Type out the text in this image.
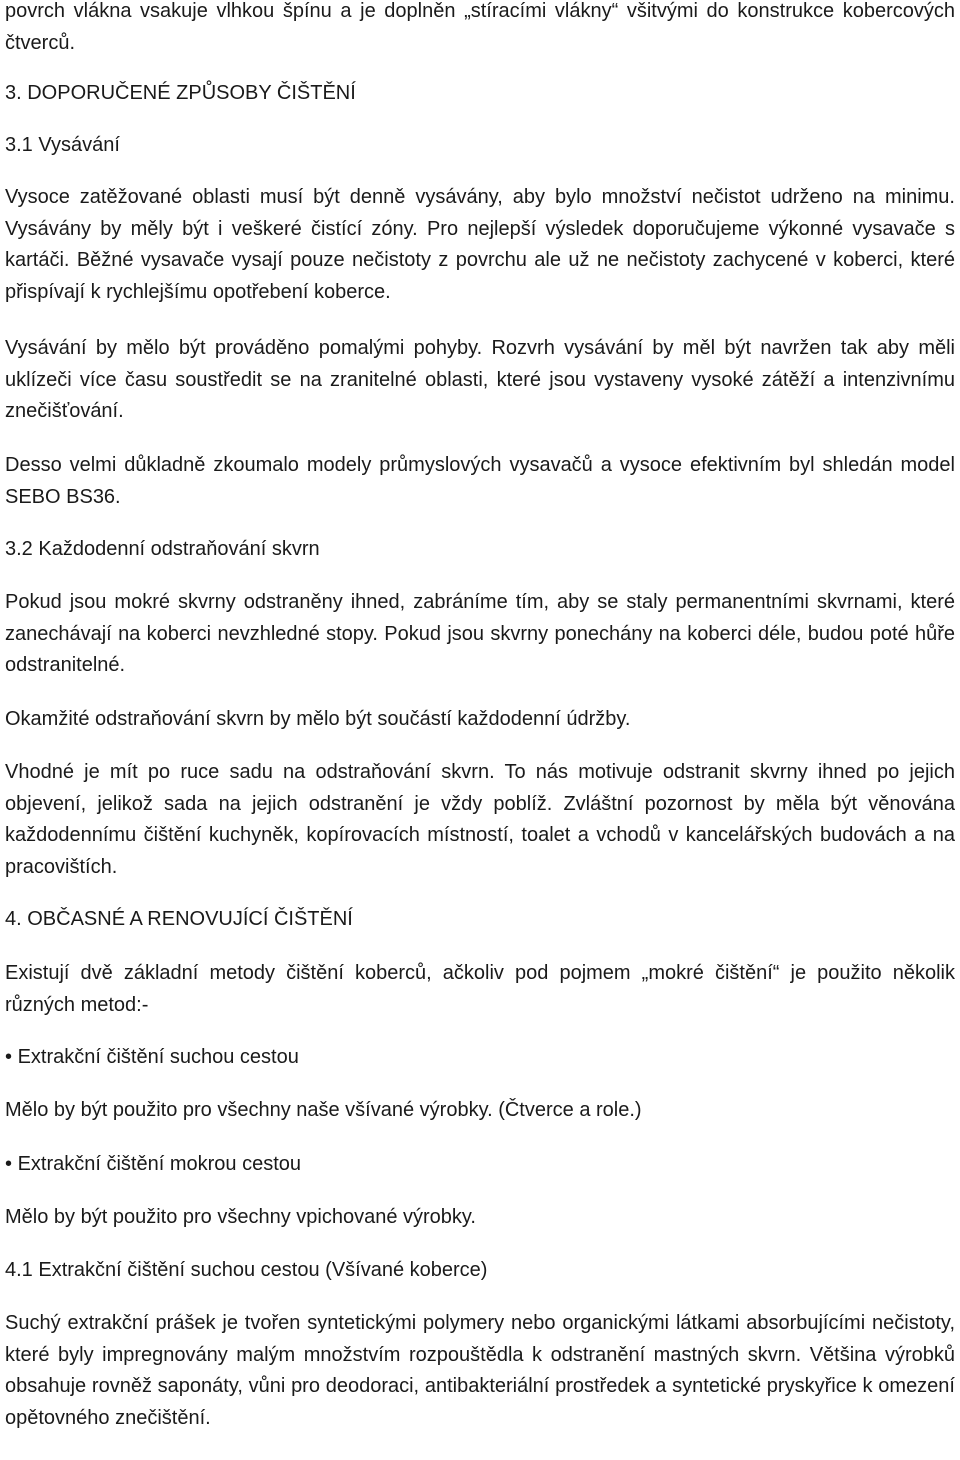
povrch vlákna vsakuje vlhkou špínu a je doplněn „stíracími vlákny“ všitvými do konstrukce kobercových čtverců.

3. DOPORUČENÉ ZPŮSOBY ČIŠTĚNÍ

3.1 Vysávání

Vysoce zatěžované oblasti musí být denně vysávány, aby bylo množství nečistot udrženo na minimu. Vysávány by měly být i veškeré čistící zóny. Pro nejlepší výsledek doporučujeme výkonné vysavače s kartáči. Běžné vysavače vysají pouze nečistoty z povrchu ale už ne nečistoty zachycené v koberci, které přispívají k rychlejšímu opotřebení koberce.

Vysávání by mělo být prováděno pomalými pohyby. Rozvrh vysávání by měl být navržen tak aby měli uklízeči více času soustředit se na zranitelné oblasti, které jsou vystaveny vysoké zátěží a intenzivnímu znečišťování.

Desso velmi důkladně zkoumalo modely průmyslových vysavačů a vysoce efektivním byl shledán model SEBO BS36.

3.2 Každodenní odstraňování skvrn

Pokud jsou mokré skvrny odstraněny ihned, zabráníme tím, aby se staly permanentními skvrnami, které zanechávají na koberci nevzhledné stopy. Pokud jsou skvrny ponechány na koberci déle, budou poté hůře odstranitelné.

Okamžité odstraňování skvrn by mělo být součástí každodenní údržby.

Vhodné je mít po ruce sadu na odstraňování skvrn. To nás motivuje odstranit skvrny ihned po jejich objevení, jelikož sada na jejich odstranění je vždy poblíž. Zvláštní pozornost by měla být věnována každodennímu čištění kuchyněk, kopírovacích místností, toalet a vchodů v kancelářských budovách a na pracovištích.

4. OBČASNÉ A RENOVUJÍCÍ ČIŠTĚNÍ

Existují dvě základní metody čištění koberců, ačkoliv pod pojmem „mokré čištění“ je použito několik různých metod:-

• Extrakční čištění suchou cestou

Mělo by být použito pro všechny naše všívané výrobky. (Čtverce a role.)

• Extrakční čištění mokrou cestou

Mělo by být použito pro všechny vpichované výrobky.

4.1 Extrakční čištění suchou cestou (Všívané koberce)

Suchý extrakční prášek je tvořen syntetickými polymery nebo organickými látkami absorbujícími nečistoty, které byly impregnovány malým množstvím rozpouštědla k odstranění mastných skvrn. Většina výrobků obsahuje rovněž saponáty, vůni pro deodoraci, antibakteriální prostředek a syntetické pryskyřice k omezení opětovného znečištění.
